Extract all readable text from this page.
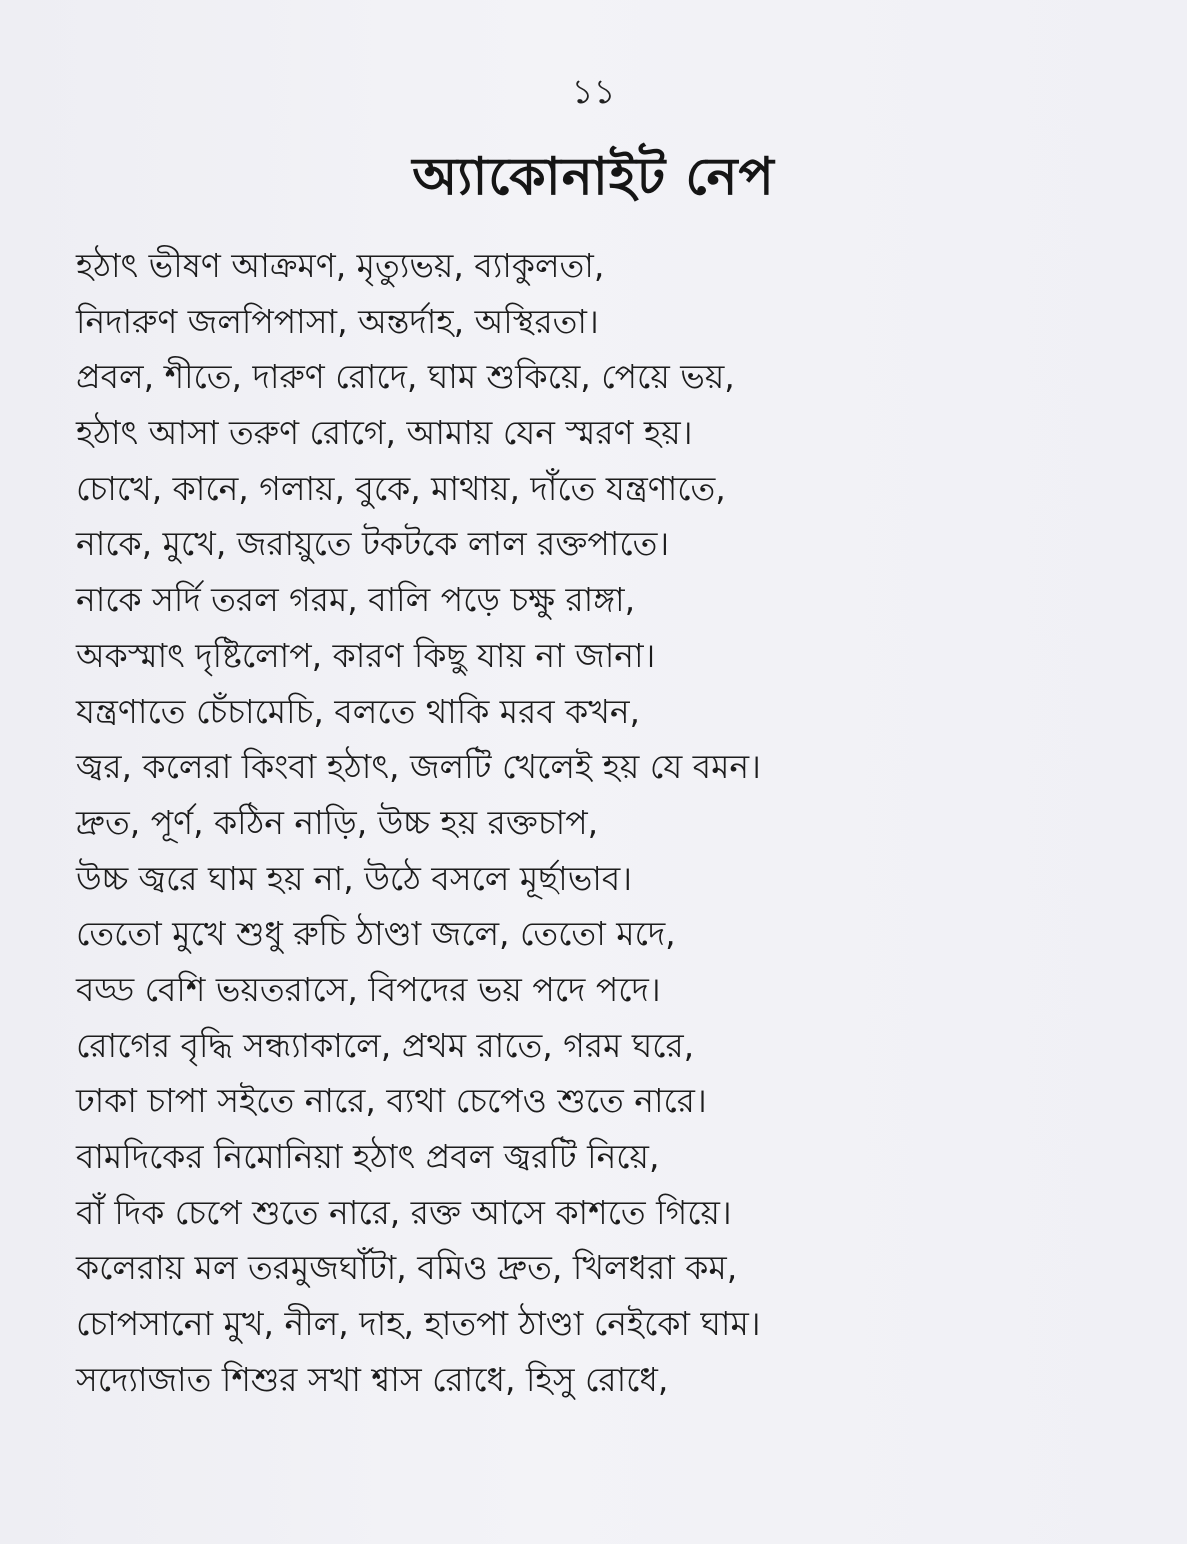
১১
অ্যাকোনাইট নেপ
হঠাৎ ভীষণ আক্রমণ, মৃত্যুভয়, ব্যাকুলতা,
নিদারুণ জলপিপাসা, অন্তর্দাহ, অস্থিরতা।
প্রবল, শীতে, দারুণ রোদে, ঘাম শুকিয়ে, পেয়ে ভয়,
হঠাৎ আসা তরুণ রোগে, আমায় যেন স্মরণ হয়।
চোখে, কানে, গলায়, বুকে, মাথায়, দাঁতে যন্ত্রণাতে,
নাকে, মুখে, জরায়ুতে টকটকে লাল রক্তপাতে।
নাকে সর্দি তরল গরম, বালি পড়ে চক্ষু রাঙ্গা,
অকস্মাৎ দৃষ্টিলোপ, কারণ কিছু যায় না জানা।
যন্ত্রণাতে চেঁচামেচি, বলতে থাকি মরব কখন,
জ্বর, কলেরা কিংবা হঠাৎ, জলটি খেলেই হয় যে বমন।
দ্রুত, পূর্ণ, কঠিন নাড়ি, উচ্চ হয় রক্তচাপ,
উচ্চ জ্বরে ঘাম হয় না, উঠে বসলে মূর্ছাভাব।
তেতো মুখে শুধু রুচি ঠাণ্ডা জলে, তেতো মদে,
বড্ড বেশি ভয়তরাসে, বিপদের ভয় পদে পদে।
রোগের বৃদ্ধি সন্ধ্যাকালে, প্রথম রাতে, গরম ঘরে,
ঢাকা চাপা সইতে নারে, ব্যথা চেপেও শুতে নারে।
বামদিকের নিমোনিয়া হঠাৎ প্রবল জ্বরটি নিয়ে,
বাঁ দিক চেপে শুতে নারে, রক্ত আসে কাশতে গিয়ে।
কলেরায় মল তরমুজঘাঁটা, বমিও দ্রুত, খিলধরা কম,
চোপসানো মুখ, নীল, দাহ, হাতপা ঠাণ্ডা নেইকো ঘাম।
সদ্যোজাত শিশুর সখা শ্বাস রোধে, হিসু রোধে,
